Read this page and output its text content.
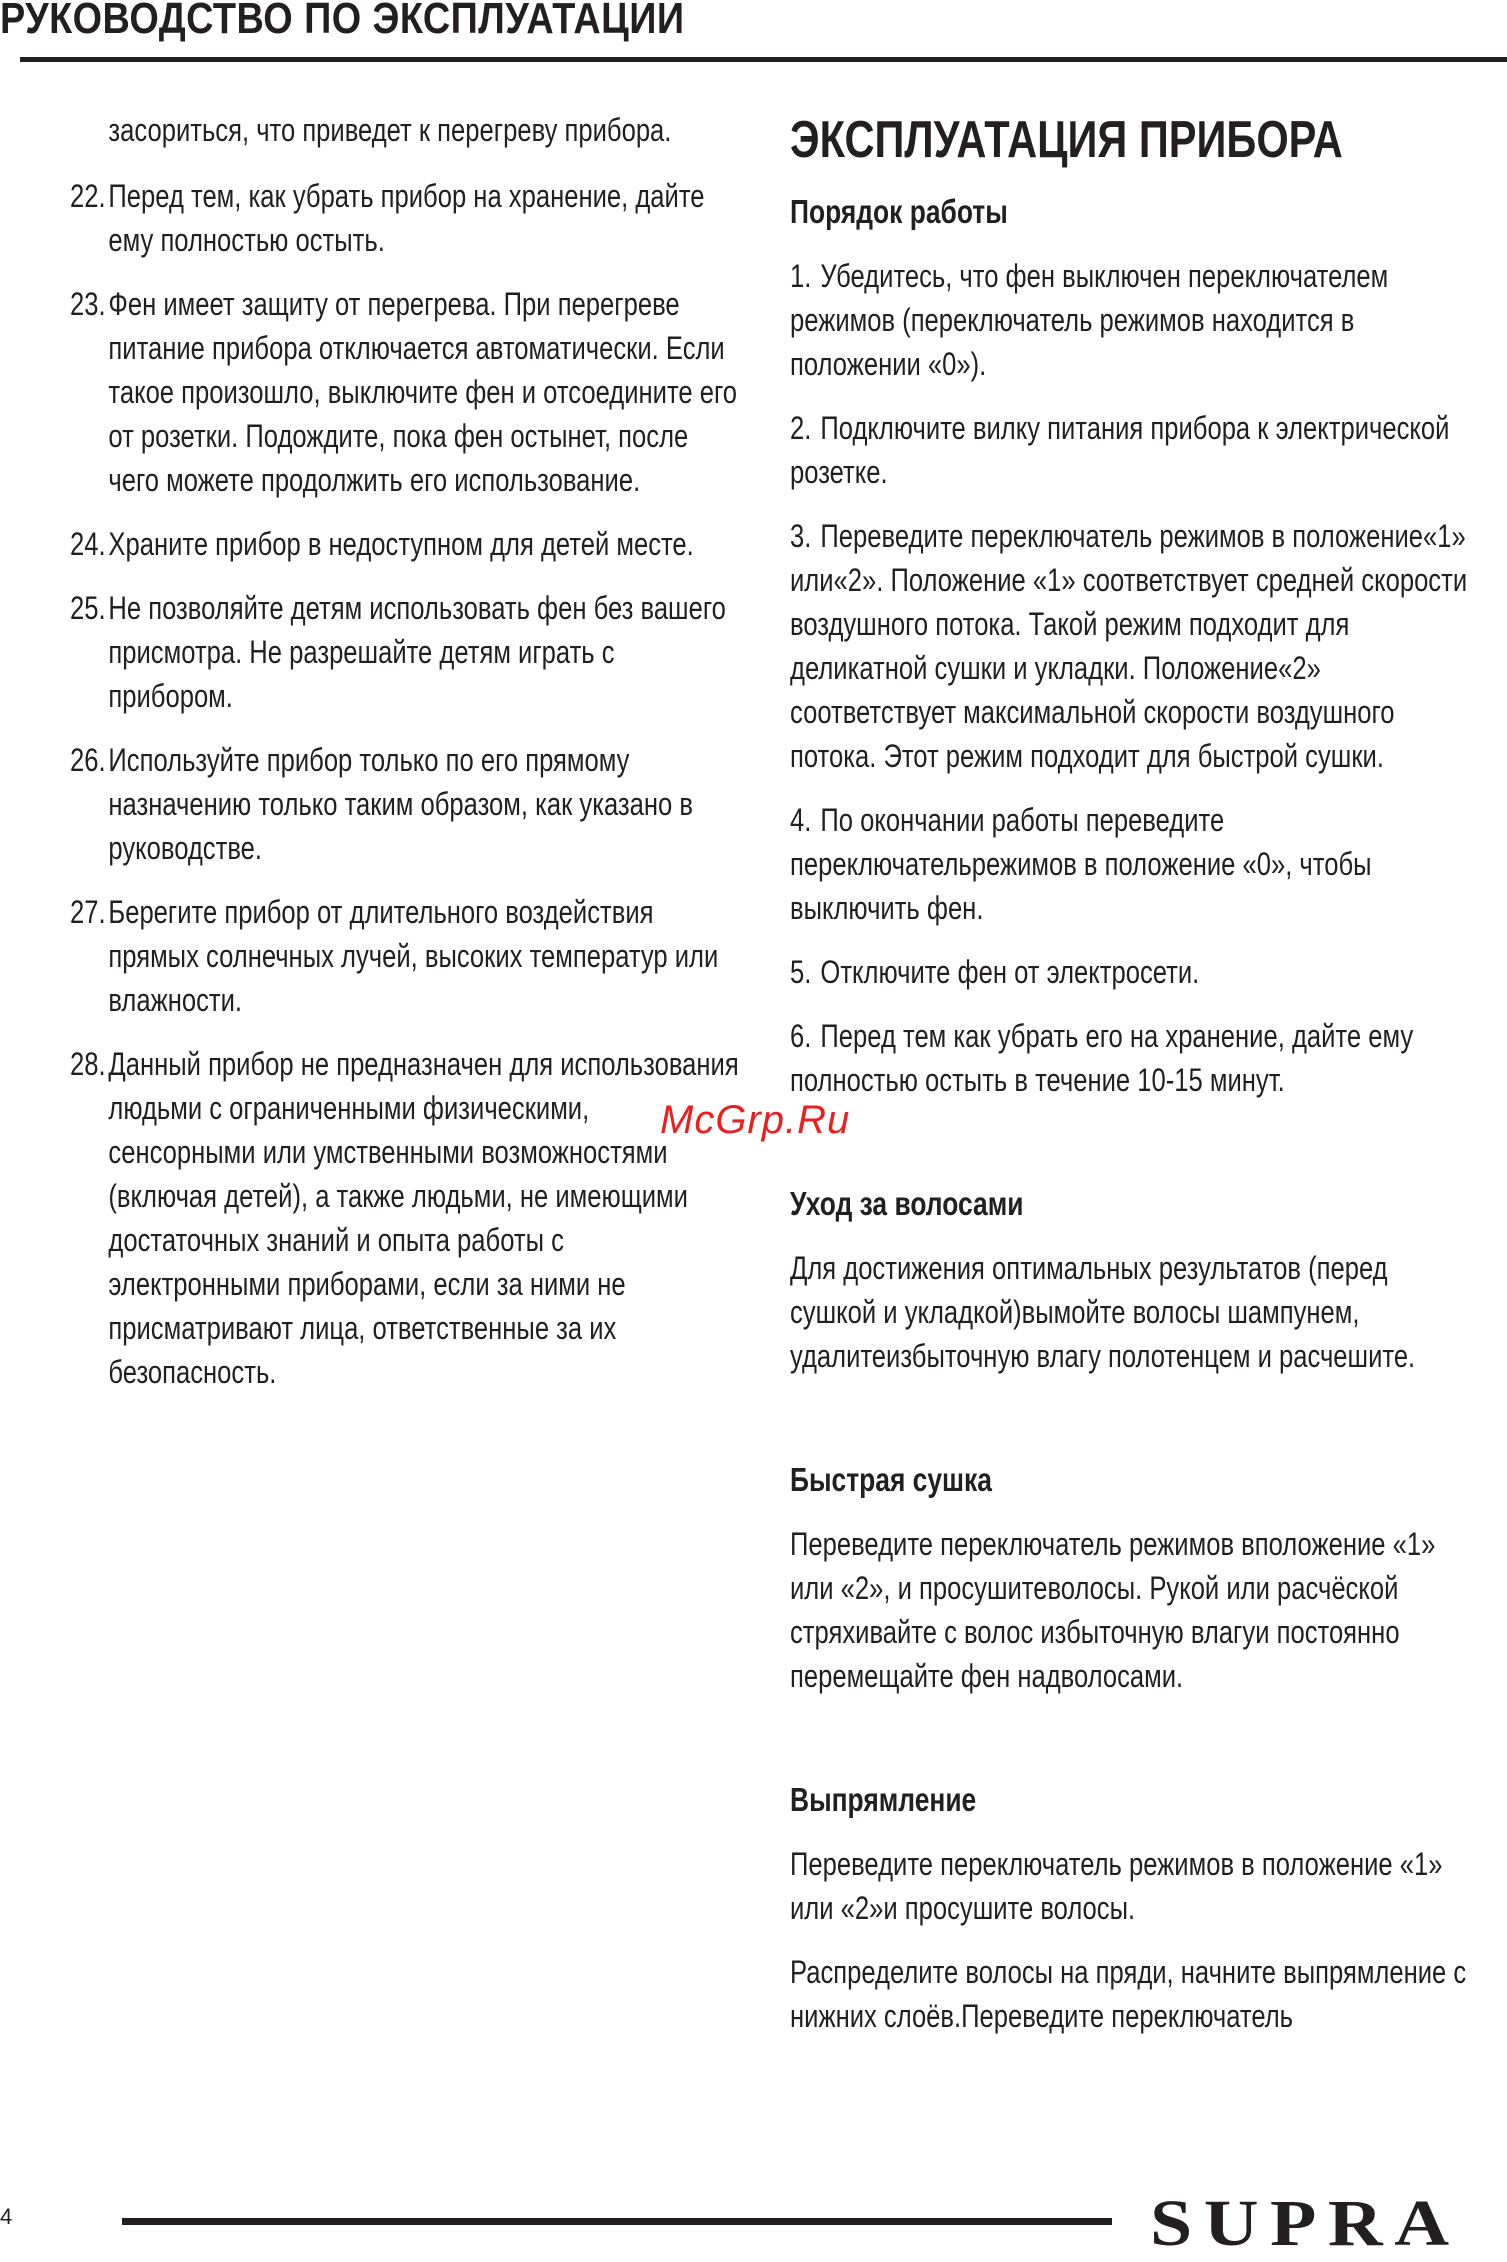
РУКОВОДСТВО ПО ЭКСПЛУАТАЦИИ
засориться, что приведет к перегреву прибора.
22. Перед тем, как убрать прибор на хранение, дайте ему полностью остыть.
23. Фен имеет защиту от перегрева. При перегреве питание прибора отключается автоматически. Если такое произошло, выключите фен и отсоедините его от розетки. Подождите, пока фен остынет, после чего можете продолжить его использование.
24. Храните прибор в недоступном для детей месте.
25. Не позволяйте детям использовать фен без вашего присмотра. Не разрешайте детям играть с прибором.
26. Используйте прибор только по его прямому назначению только таким образом, как указано в руководстве.
27. Берегите прибор от длительного воздействия прямых солнечных лучей, высоких температур или влажности.
28. Данный прибор не предназначен для использования людьми с ограниченными физическими, сенсорными или умственными возможностями (включая детей), а также людьми, не имеющими достаточных знаний и опыта работы с электронными приборами, если за ними не присматривают лица, ответственные за их безопасность.
ЭКСПЛУАТАЦИЯ ПРИБОРА
Порядок работы
1. Убедитесь, что фен выключен переключателем режимов (переключатель режимов находится в положении «0»).
2. Подключите вилку питания прибора к электрической розетке.
3. Переведите переключатель режимов в положение«1» или«2». Положение «1» соответствует средней скорости воздушного потока. Такой режим подходит для деликатной сушки и укладки. Положение«2» соответствует максимальной скорости воздушного потока. Этот режим подходит для быстрой сушки.
4. По окончании работы переведите переключательрежимов в положение «0», чтобы выключить фен.
5. Отключите фен от электросети.
6. Перед тем как убрать его на хранение, дайте ему полностью остыть в течение 10-15 минут.
Уход за волосами
Для достижения оптимальных результатов (перед сушкой и укладкой)вымойте волосы шампунем, удалитеизбыточную влагу полотенцем и расчешите.
Быстрая сушка
Переведите переключатель режимов вположение «1» или «2», и просушитеволосы. Рукой или расчёской стряхивайте с волос избыточную влагуи постоянно перемещайте фен надволосами.
Выпрямление
Переведите переключатель режимов в положение «1» или «2»и просушите волосы.
Распределите волосы на пряди, начните выпрямление с нижних слоёв.Переведите переключатель
McGrp.Ru
4	SUPRA
